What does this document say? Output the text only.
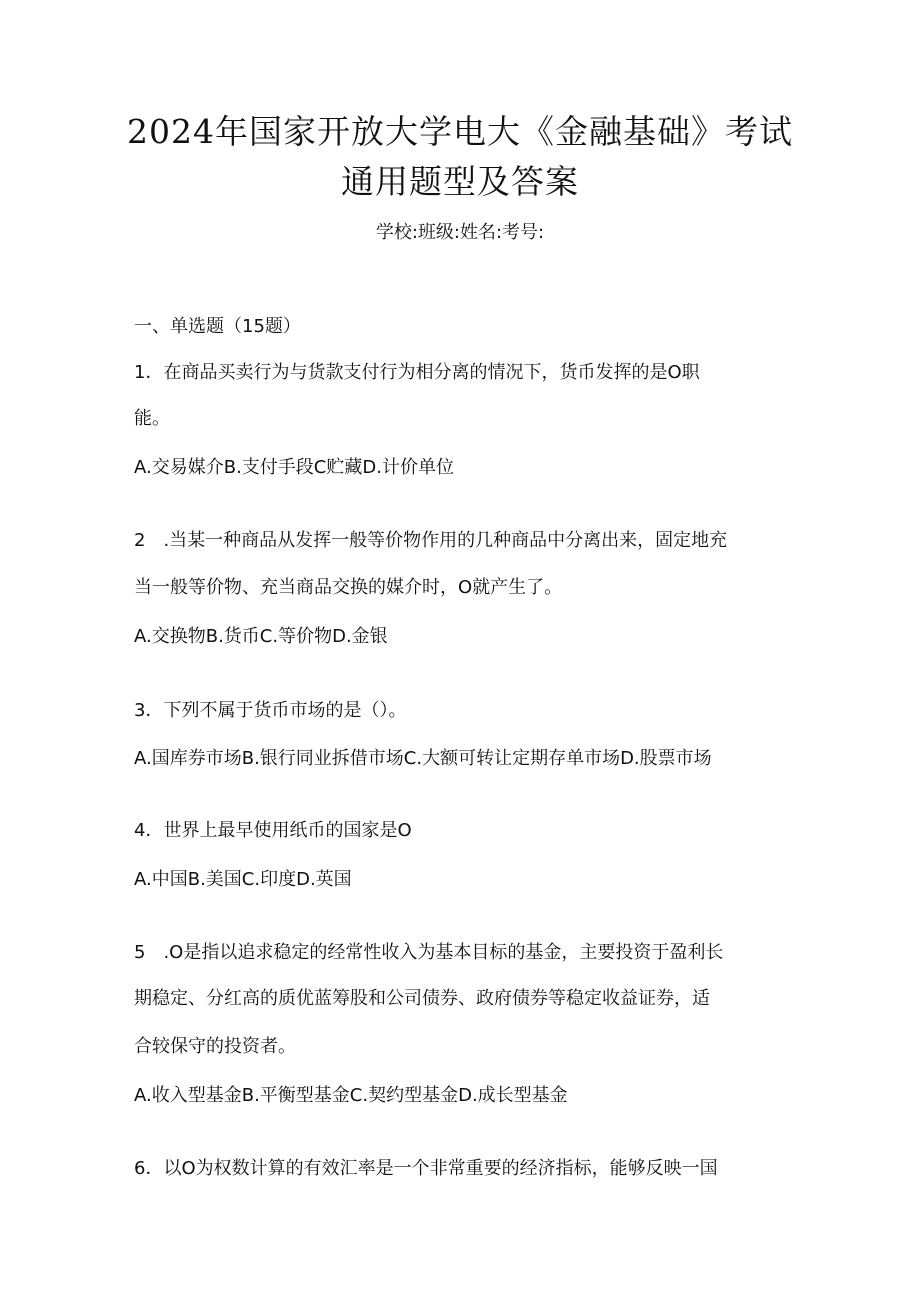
2024年国家开放大学电大《金融基础》考试
通用题型及答案
学校:班级:姓名:考号:
一、单选题（15题）
1．在商品买卖行为与货款支付行为相分离的情况下，货币发挥的是O职
能。
A.交易媒介B.支付手段C贮藏D.计价单位
2　.当某一种商品从发挥一般等价物作用的几种商品中分离出来，固定地充
当一般等价物、充当商品交换的媒介时，O就产生了。
A.交换物B.货币C.等价物D.金银
3．下列不属于货币市场的是（）。
A.国库券市场B.银行同业拆借市场C.大额可转让定期存单市场D.股票市场
4．世界上最早使用纸币的国家是O
A.中国B.美国C.印度D.英国
5　.O是指以追求稳定的经常性收入为基本目标的基金，主要投资于盈利长
期稳定、分红高的质优蓝筹股和公司债券、政府债券等稳定收益证券，适
合较保守的投资者。
A.收入型基金B.平衡型基金C.契约型基金D.成长型基金
6．以O为权数计算的有效汇率是一个非常重要的经济指标，能够反映一国
